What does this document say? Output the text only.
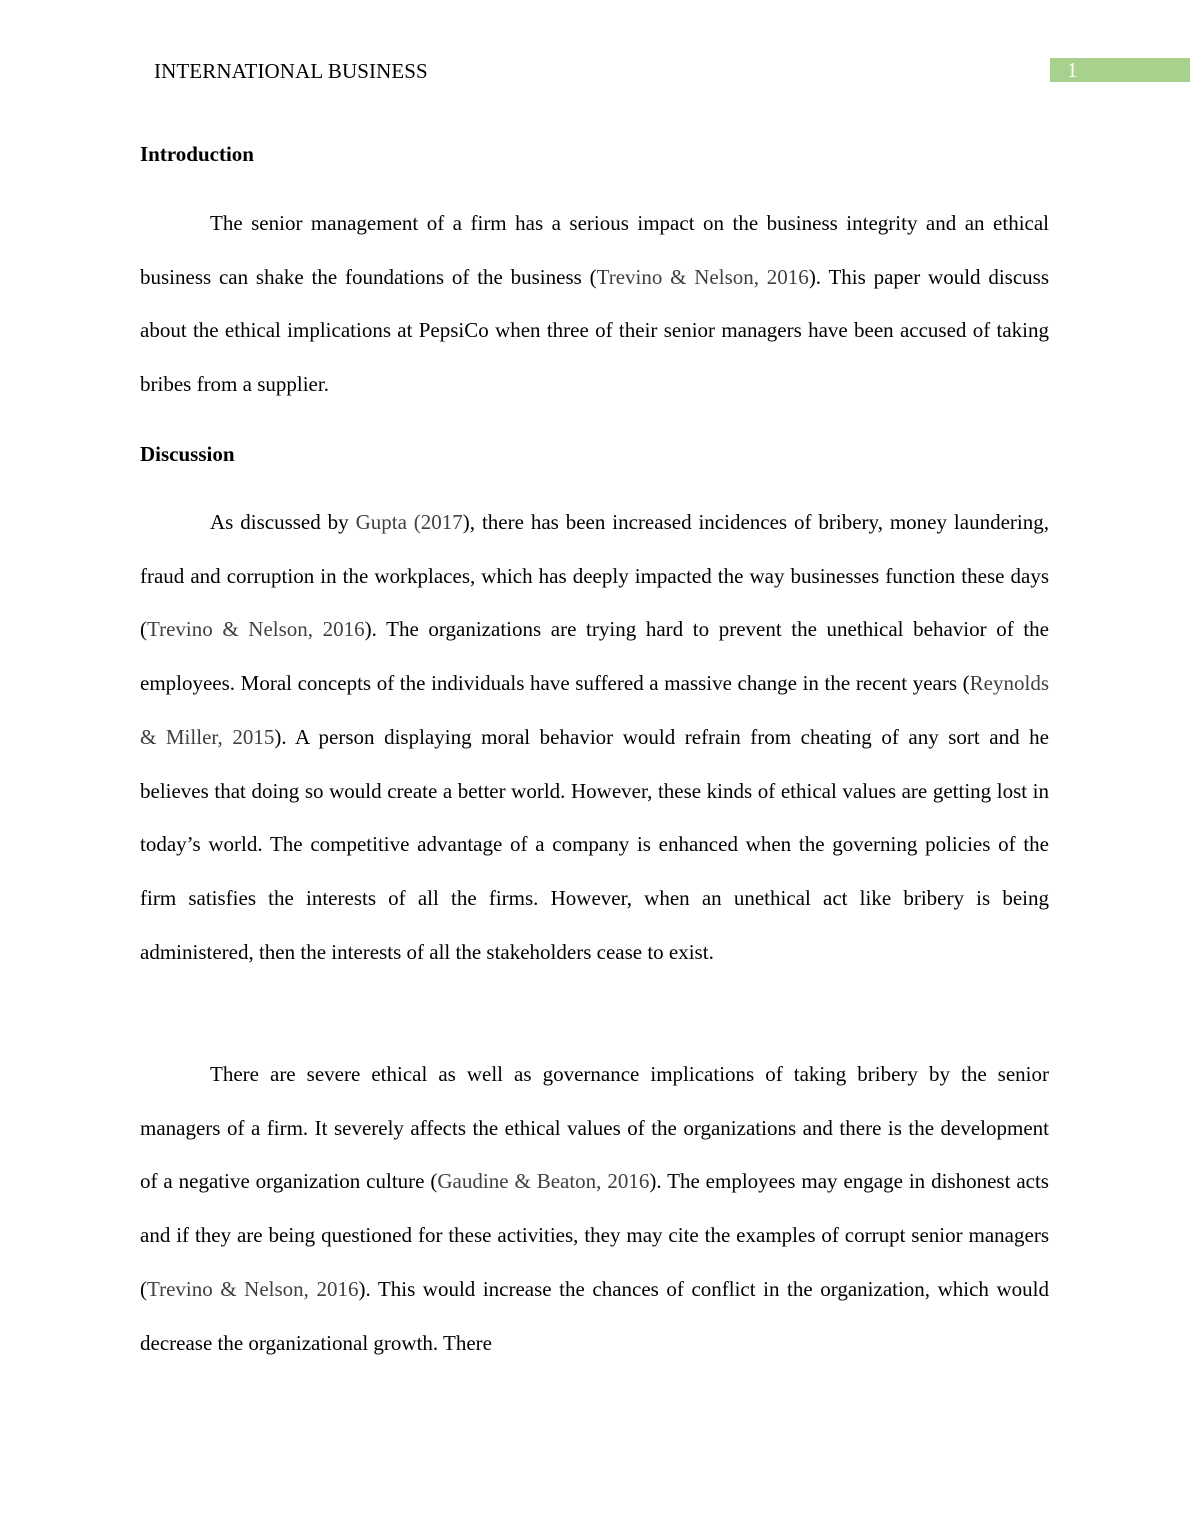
INTERNATIONAL BUSINESS	1
Introduction

The senior management of a firm has a serious impact on the business integrity and an ethical business can shake the foundations of the business (Trevino & Nelson, 2016). This paper would discuss about the ethical implications at PepsiCo when three of their senior managers have been accused of taking bribes from a supplier.

Discussion

As discussed by Gupta (2017), there has been increased incidences of bribery, money laundering, fraud and corruption in the workplaces, which has deeply impacted the way businesses function these days (Trevino & Nelson, 2016). The organizations are trying hard to prevent the unethical behavior of the employees. Moral concepts of the individuals have suffered a massive change in the recent years (Reynolds & Miller, 2015). A person displaying moral behavior would refrain from cheating of any sort and he believes that doing so would create a better world. However, these kinds of ethical values are getting lost in today’s world. The competitive advantage of a company is enhanced when the governing policies of the firm satisfies the interests of all the firms. However, when an unethical act like bribery is being administered, then the interests of all the stakeholders cease to exist.

There are severe ethical as well as governance implications of taking bribery by the senior managers of a firm. It severely affects the ethical values of the organizations and there is the development of a negative organization culture (Gaudine & Beaton, 2016). The employees may engage in dishonest acts and if they are being questioned for these activities, they may cite the examples of corrupt senior managers (Trevino & Nelson, 2016). This would increase the chances of conflict in the organization, which would decrease the organizational growth. There
